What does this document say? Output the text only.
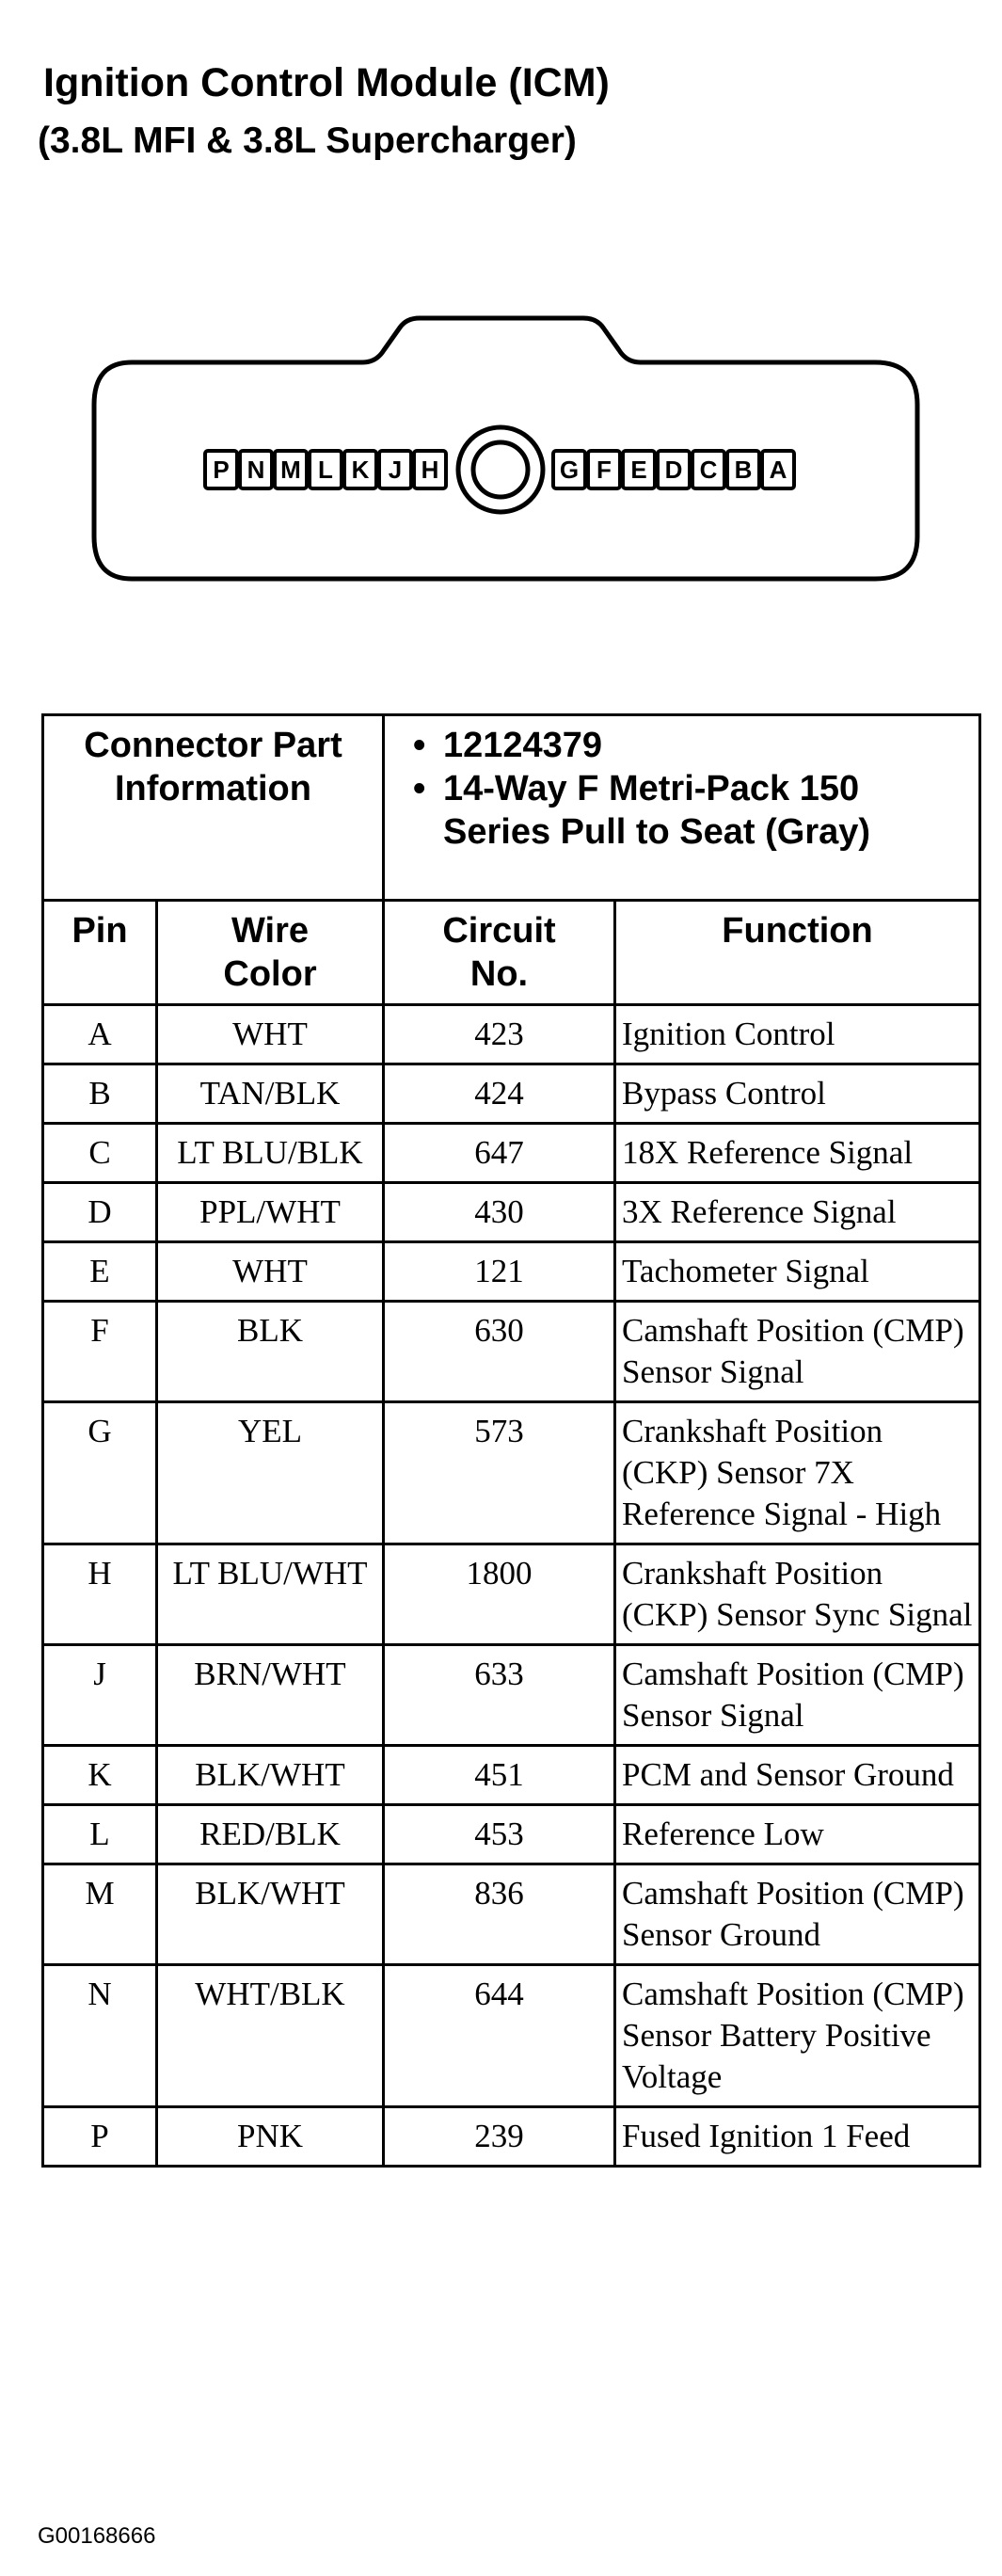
Ignition Control Module (ICM)
(3.8L MFI & 3.8L Supercharger)
P N M L K J H	G F E D C B A
Connector Part Information		• 12124379
• 14-Way F Metri-Pack 150 Series Pull to Seat (Gray)

Pin	Wire Color	Circuit No.	Function
A	WHT	423	Ignition Control
B	TAN/BLK	424	Bypass Control
C	LT BLU/BLK	647	18X Reference Signal
D	PPL/WHT	430	3X Reference Signal
E	WHT	121	Tachometer Signal
F	BLK	630	Camshaft Position (CMP) Sensor Signal
G	YEL	573	Crankshaft Position (CKP) Sensor 7X Reference Signal - High
H	LT BLU/WHT	1800	Crankshaft Position (CKP) Sensor Sync Signal
J	BRN/WHT	633	Camshaft Position (CMP) Sensor Signal
K	BLK/WHT	451	PCM and Sensor Ground
L	RED/BLK	453	Reference Low
M	BLK/WHT	836	Camshaft Position (CMP) Sensor Ground
N	WHT/BLK	644	Camshaft Position (CMP) Sensor Battery Positive Voltage
P	PNK	239	Fused Ignition 1 Feed
G00168666
